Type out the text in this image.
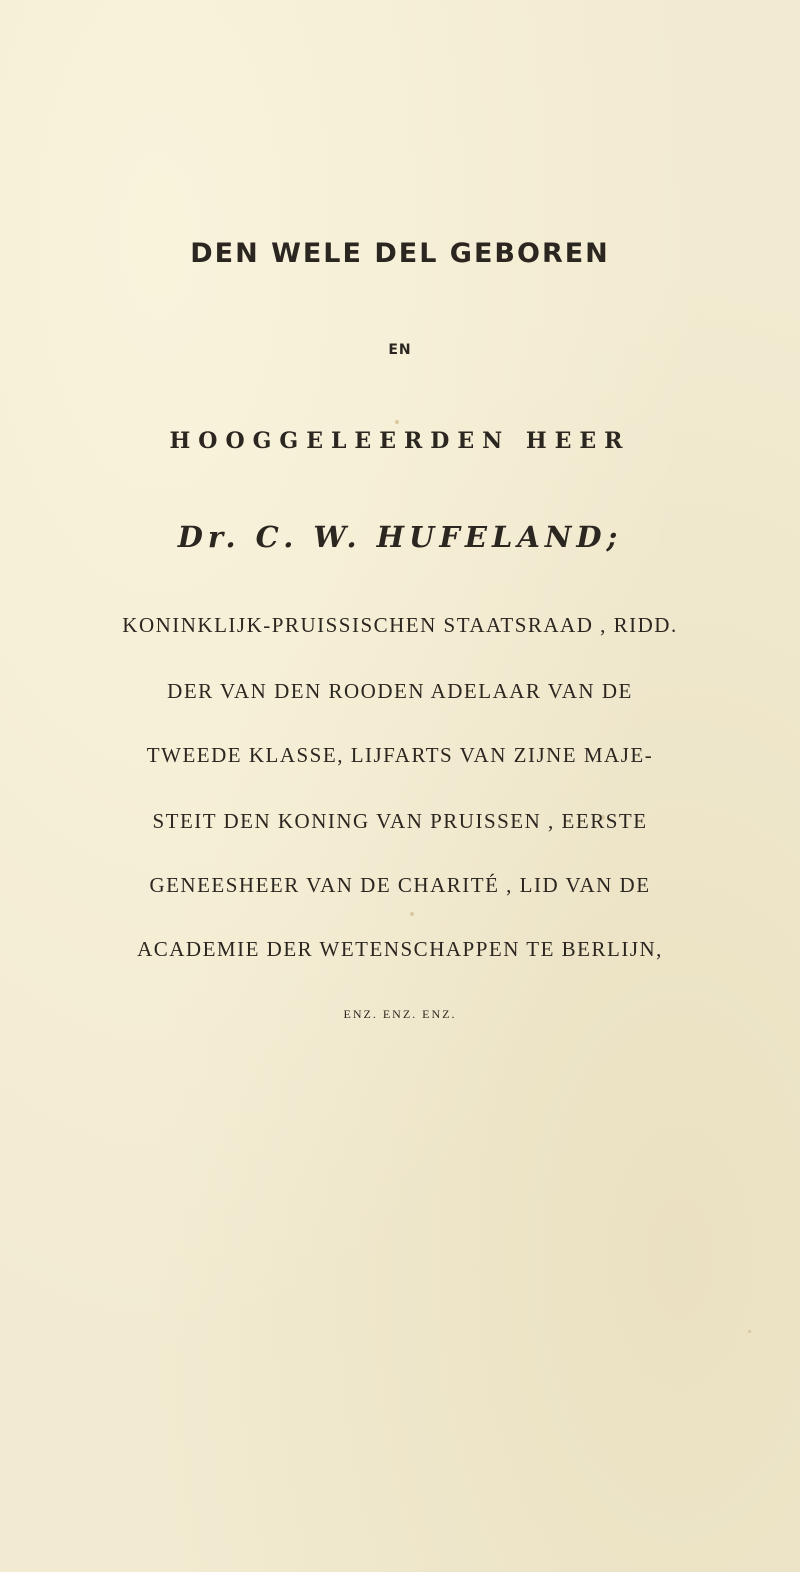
DEN WELE DEL GEBOREN
EN
HOOGGELEERDEN HEER
Dr. C. W. HUFELAND;
KONINKLIJK-PRUISSISCHEN STAATSRAAD , RIDD.
DER VAN DEN ROODEN ADELAAR VAN DE
TWEEDE KLASSE, LIJFARTS VAN ZIJNE MAJE-
STEIT DEN KONING VAN PRUISSEN , EERSTE
GENEESHEER VAN DE CHARITÉ , LID VAN DE
ACADEMIE DER WETENSCHAPPEN TE BERLIJN,
ENZ. ENZ. ENZ.
